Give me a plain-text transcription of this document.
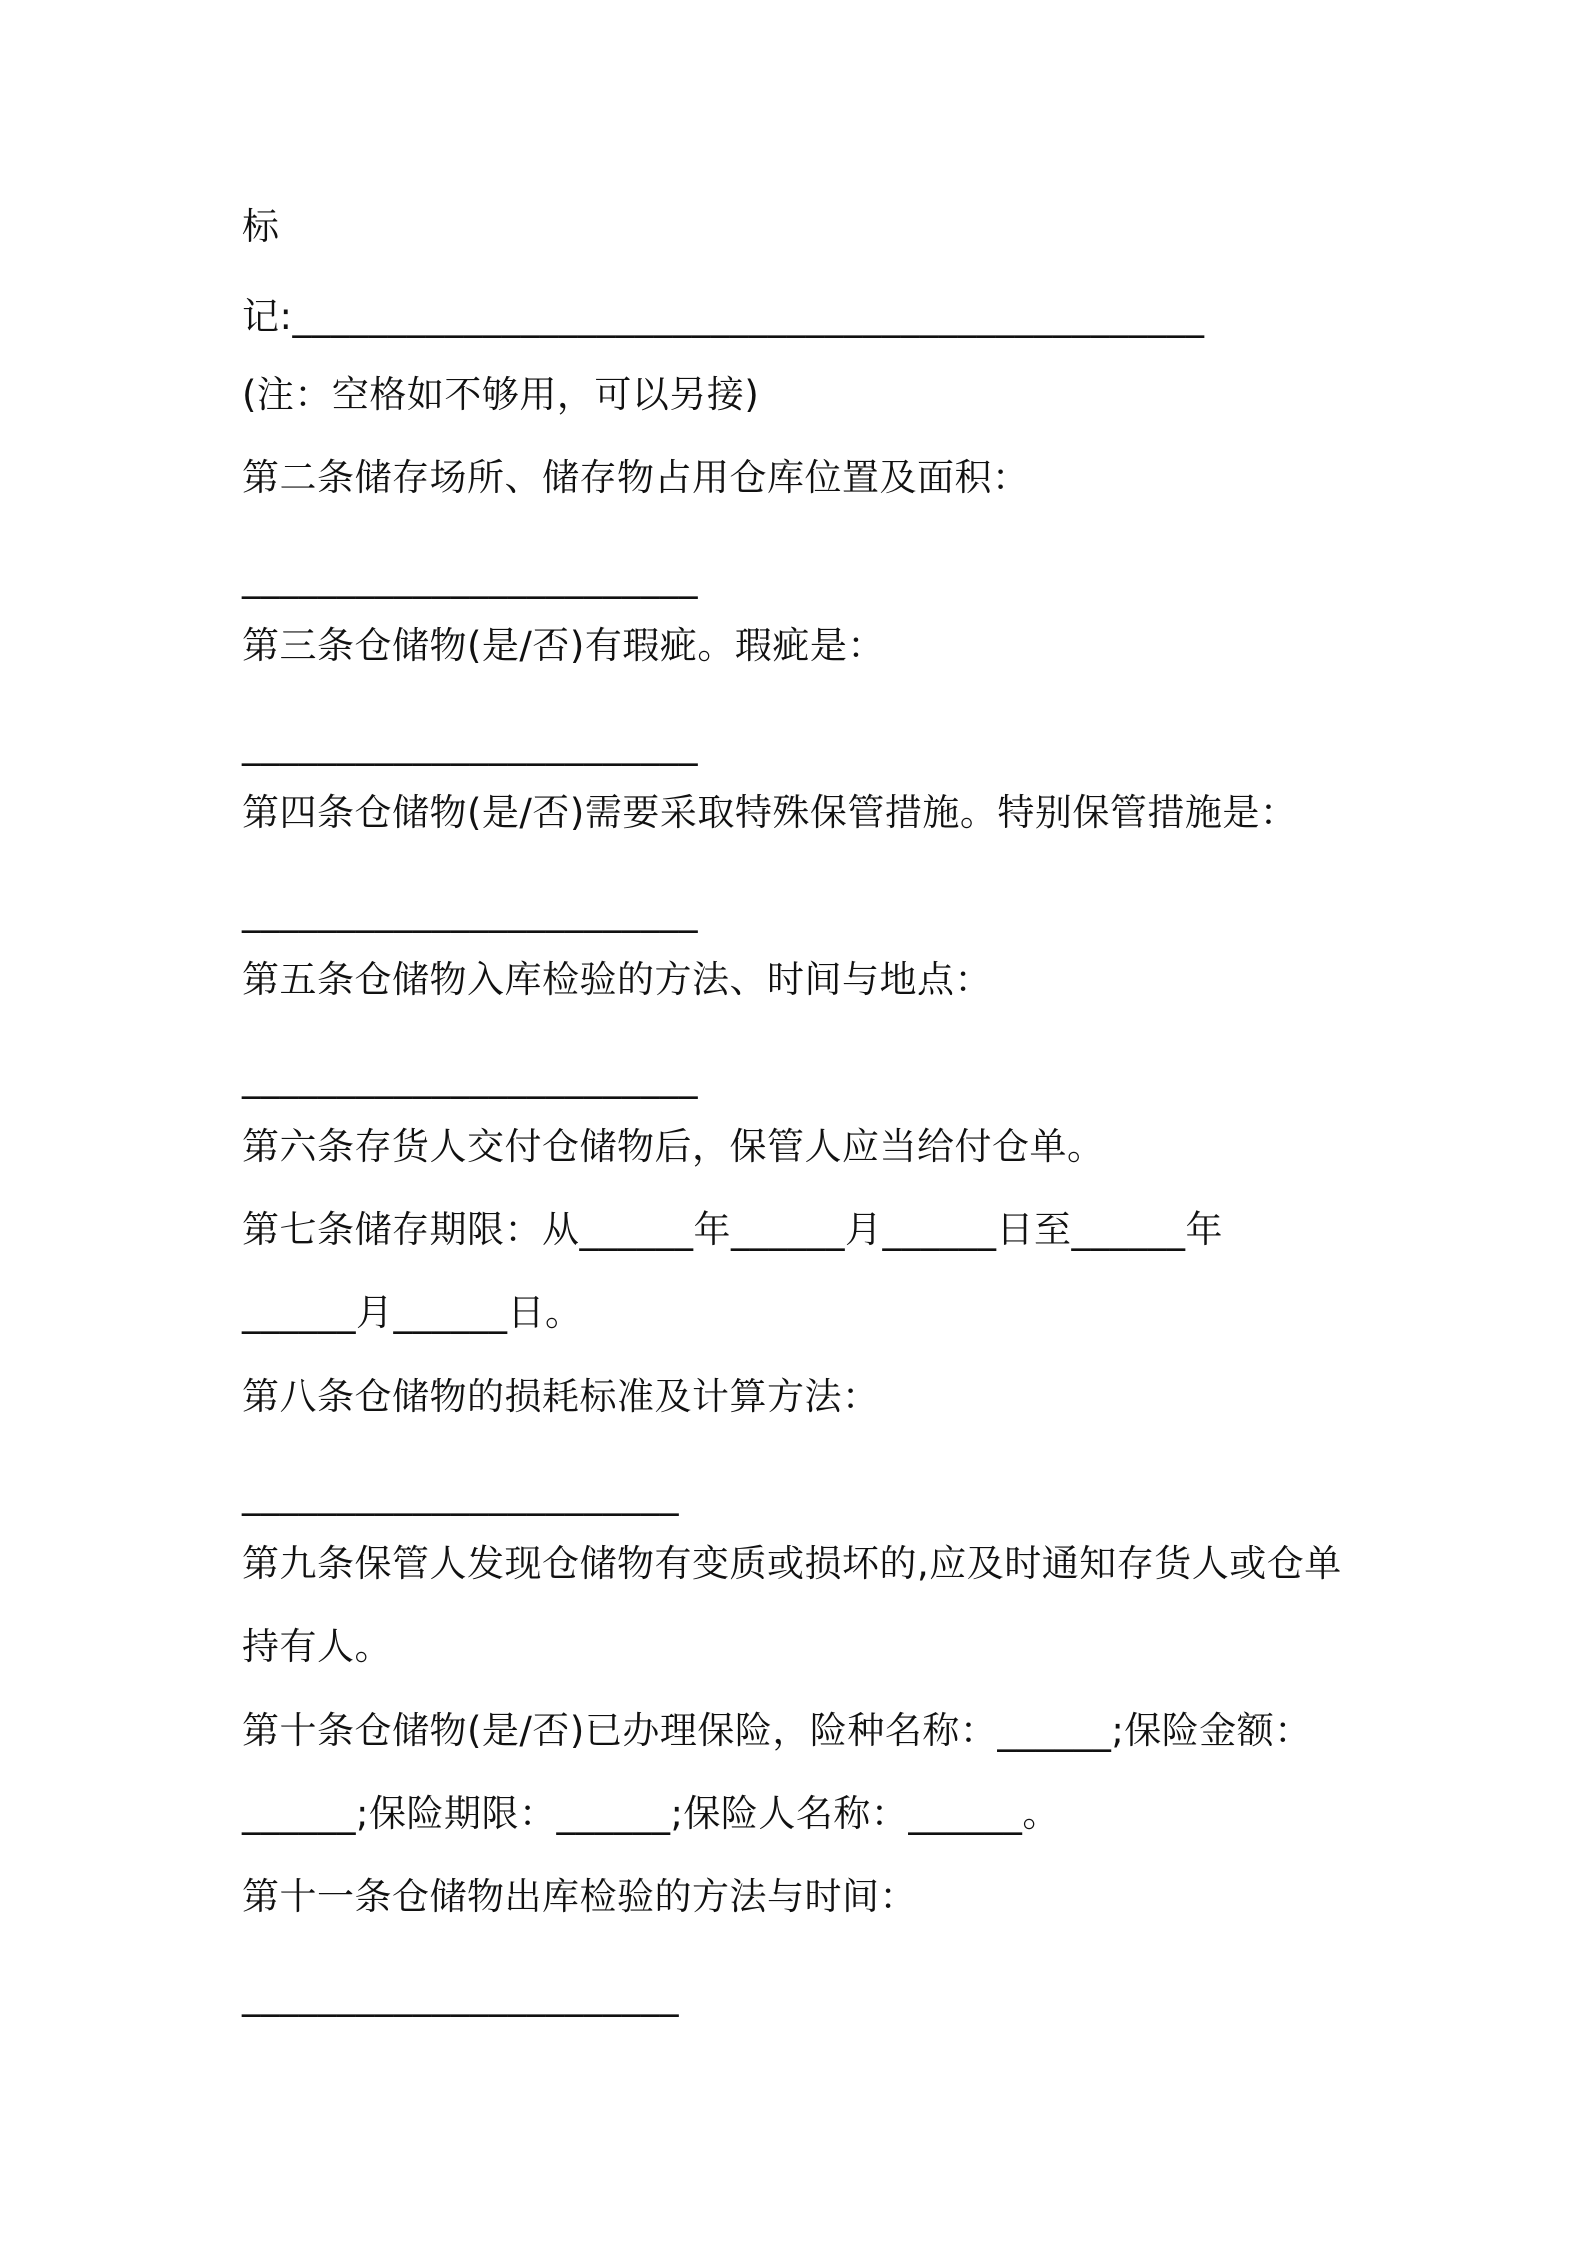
标

记:________________________________________________

(注：空格如不够用，可以另接)

第二条储存场所、储存物占用仓库位置及面积：

________________________

第三条仓储物(是/否)有瑕疵。瑕疵是：

________________________

第四条仓储物(是/否)需要采取特殊保管措施。特别保管措施是：

________________________

第五条仓储物入库检验的方法、时间与地点：

________________________

第六条存货人交付仓储物后，保管人应当给付仓单。

第七条储存期限：从______年______月______日至______年

______月______日。

第八条仓储物的损耗标准及计算方法：

_______________________

第九条保管人发现仓储物有变质或损坏的,应及时通知存货人或仓单

持有人。

第十条仓储物(是/否)已办理保险，险种名称：______;保险金额：

______;保险期限：______;保险人名称：______。

第十一条仓储物出库检验的方法与时间：

_______________________
